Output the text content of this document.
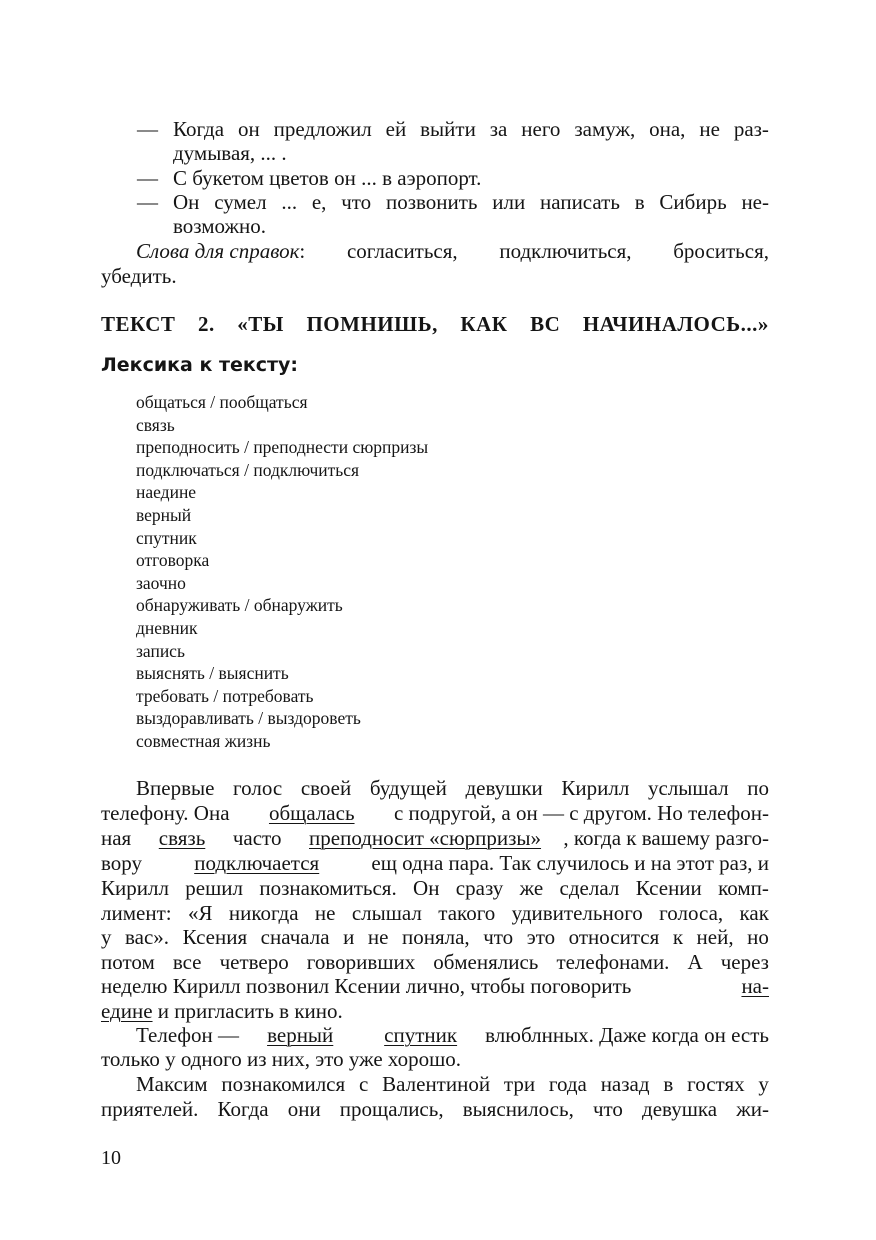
— Когда он предложил ей выйти за него замуж, она, не раз-
думывая, ... .
— С букетом цветов он ... в аэропорт.
— Он сумел ... е, что позвонить или написать в Сибирь не-
возможно.
Слова для справок: согласиться, подключиться, броситься,
убедить.
ТЕКСТ 2. «ТЫ ПОМНИШЬ, КАК ВС НАЧИНАЛОСЬ...»
Лексика к тексту:
общаться / пообщаться
связь
преподносить / преподнести сюрпризы
подключаться / подключиться
наедине
верный
спутник
отговорка
заочно
обнаруживать / обнаружить
дневник
запись
выяснять / выяснить
требовать / потребовать
выздоравливать / выздороветь
совместная жизнь
Впервые голос своей будущей девушки Кирилл услышал по
телефону. Она общалась с подругой, а он — с другом. Но телефон-
ная связь часто преподносит «сюрпризы» , когда к вашему разго-
вору подключается ещ одна пара. Так случилось и на этот раз, и
Кирилл решил познакомиться. Он сразу же сделал Ксении комп-
лимент: «Я никогда не слышал такого удивительного голоса, как
у вас». Ксения сначала и не поняла, что это относится к ней, но
потом все четверо говоривших обменялись телефонами. А через
неделю Кирилл позвонил Ксении лично, чтобы поговорить	на-
едине и пригласить в кино.
Телефон — верный
спутник влюблнных. Даже когда он есть
только у одного из них, это уже хорошо.
Максим познакомился с Валентиной три года назад в гостях у
приятелей. Когда они прощались, выяснилось, что девушка жи-
10
